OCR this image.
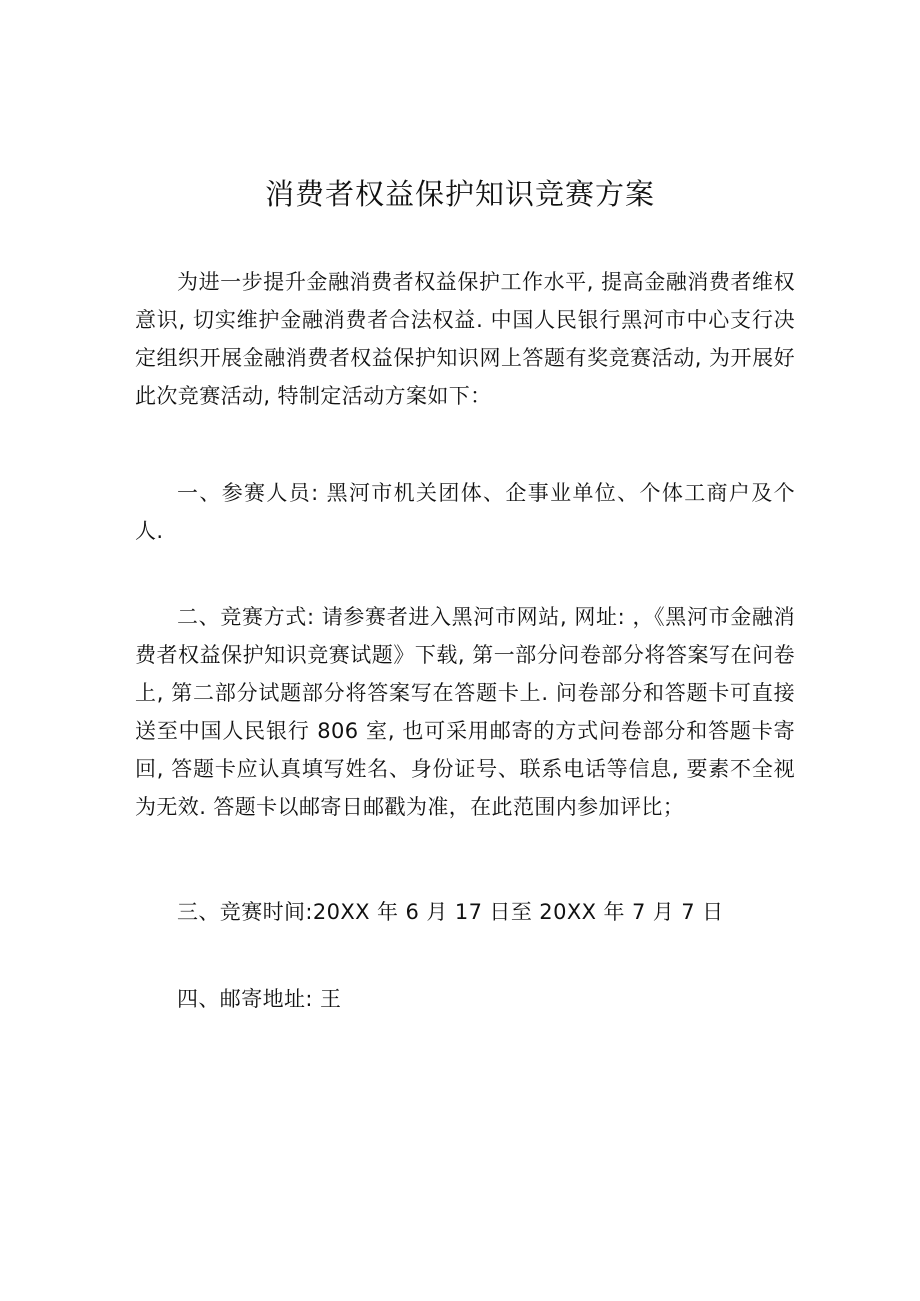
消费者权益保护知识竞赛方案

为进一步提升金融消费者权益保护工作水平, 提高金融消费者维权意识, 切实维护金融消费者合法权益. 中国人民银行黑河市中心支行决定组织开展金融消费者权益保护知识网上答题有奖竞赛活动, 为开展好此次竞赛活动, 特制定活动方案如下：

一、参赛人员: 黑河市机关团体、企事业单位、个体工商户及个人.

二、竞赛方式: 请参赛者进入黑河市网站, 网址: ，《黑河市金融消费者权益保护知识竞赛试题》下载, 第一部分问卷部分将答案写在问卷上, 第二部分试题部分将答案写在答题卡上. 问卷部分和答题卡可直接送至中国人民银行 806 室, 也可采用邮寄的方式问卷部分和答题卡寄回, 答题卡应认真填写姓名、身份证号、联系电话等信息, 要素不全视为无效. 答题卡以邮寄日邮戳为准，在此范围内参加评比；

三、竞赛时间:20XX 年 6 月 17 日至 20XX 年 7 月 7 日

四、邮寄地址: 王
